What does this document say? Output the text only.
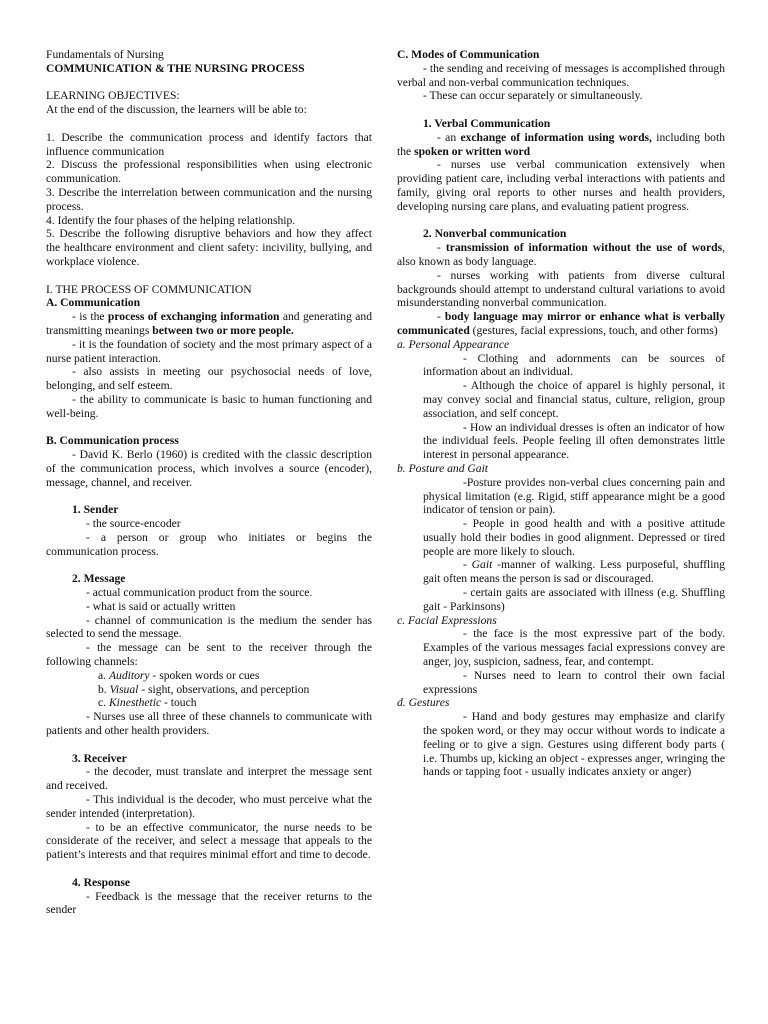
Fundamentals of Nursing

COMMUNICATION & THE NURSING PROCESS

LEARNING OBJECTIVES:

At the end of the discussion, the learners will be able to:

1. Describe the communication process and identify factors that influence communication

2. Discuss the professional responsibilities when using electronic communication.

3. Describe the interrelation between communication and the nursing process.

4. Identify the four phases of the helping relationship.

5. Describe the following disruptive behaviors and how they affect the healthcare environment and client safety: incivility, bullying, and workplace violence.

I. THE PROCESS OF COMMUNICATION

A. Communication

- is the process of exchanging information and generating and transmitting meanings between two or more people.

- it is the foundation of society and the most primary aspect of a nurse patient interaction.

- also assists in meeting our psychosocial needs of love, belonging, and self esteem.

- the ability to communicate is basic to human functioning and well-being.

B. Communication process

- David K. Berlo (1960) is credited with the classic description of the communication process, which involves a source (encoder), message, channel, and receiver.

1. Sender

- the source-encoder

- a person or group who initiates or begins the communication process.

2. Message

- actual communication product from the source.

- what is said or actually written

- channel of communication is the medium the sender has selected to send the message.

- the message can be sent to the receiver through the following channels:

a. Auditory - spoken words or cues

b. Visual - sight, observations, and perception

c. Kinesthetic - touch

- Nurses use all three of these channels to communicate with patients and other health providers.

3. Receiver

- the decoder, must translate and interpret the message sent and received.

- This individual is the decoder, who must perceive what the sender intended (interpretation).

- to be an effective communicator, the nurse needs to be considerate of the receiver, and select a message that appeals to the patient’s interests and that requires minimal effort and time to decode.

4. Response

- Feedback is the message that the receiver returns to the sender

C. Modes of Communication

- the sending and receiving of messages is accomplished through verbal and non-verbal communication techniques.

- These can occur separately or simultaneously.

1. Verbal Communication

- an exchange of information using words, including both the spoken or written word

- nurses use verbal communication extensively when providing patient care, including verbal interactions with patients and family, giving oral reports to other nurses and health providers, developing nursing care plans, and evaluating patient progress.

2. Nonverbal communication

- transmission of information without the use of words, also known as body language.

- nurses working with patients from diverse cultural backgrounds should attempt to understand cultural variations to avoid misunderstanding nonverbal communication.

- body language may mirror or enhance what is verbally communicated (gestures, facial expressions, touch, and other forms)

a. Personal Appearance

- Clothing and adornments can be sources of information about an individual.

- Although the choice of apparel is highly personal, it may convey social and financial status, culture, religion, group association, and self concept.

- How an individual dresses is often an indicator of how the individual feels. People feeling ill often demonstrates little interest in personal appearance.

b. Posture and Gait

-Posture provides non-verbal clues concerning pain and physical limitation (e.g. Rigid, stiff appearance might be a good indicator of tension or pain).

- People in good health and with a positive attitude usually hold their bodies in good alignment. Depressed or tired people are more likely to slouch.

- Gait -manner of walking. Less purposeful, shuffling gait often means the person is sad or discouraged.

- certain gaits are associated with illness (e.g. Shuffling gait - Parkinsons)

c. Facial Expressions

- the face is the most expressive part of the body. Examples of the various messages facial expressions convey are anger, joy, suspicion, sadness, fear, and contempt.

- Nurses need to learn to control their own facial expressions

d. Gestures

- Hand and body gestures may emphasize and clarify the spoken word, or they may occur without words to indicate a feeling or to give a sign. Gestures using different body parts ( i.e. Thumbs up, kicking an object - expresses anger, wringing the hands or tapping foot - usually indicates anxiety or anger)
